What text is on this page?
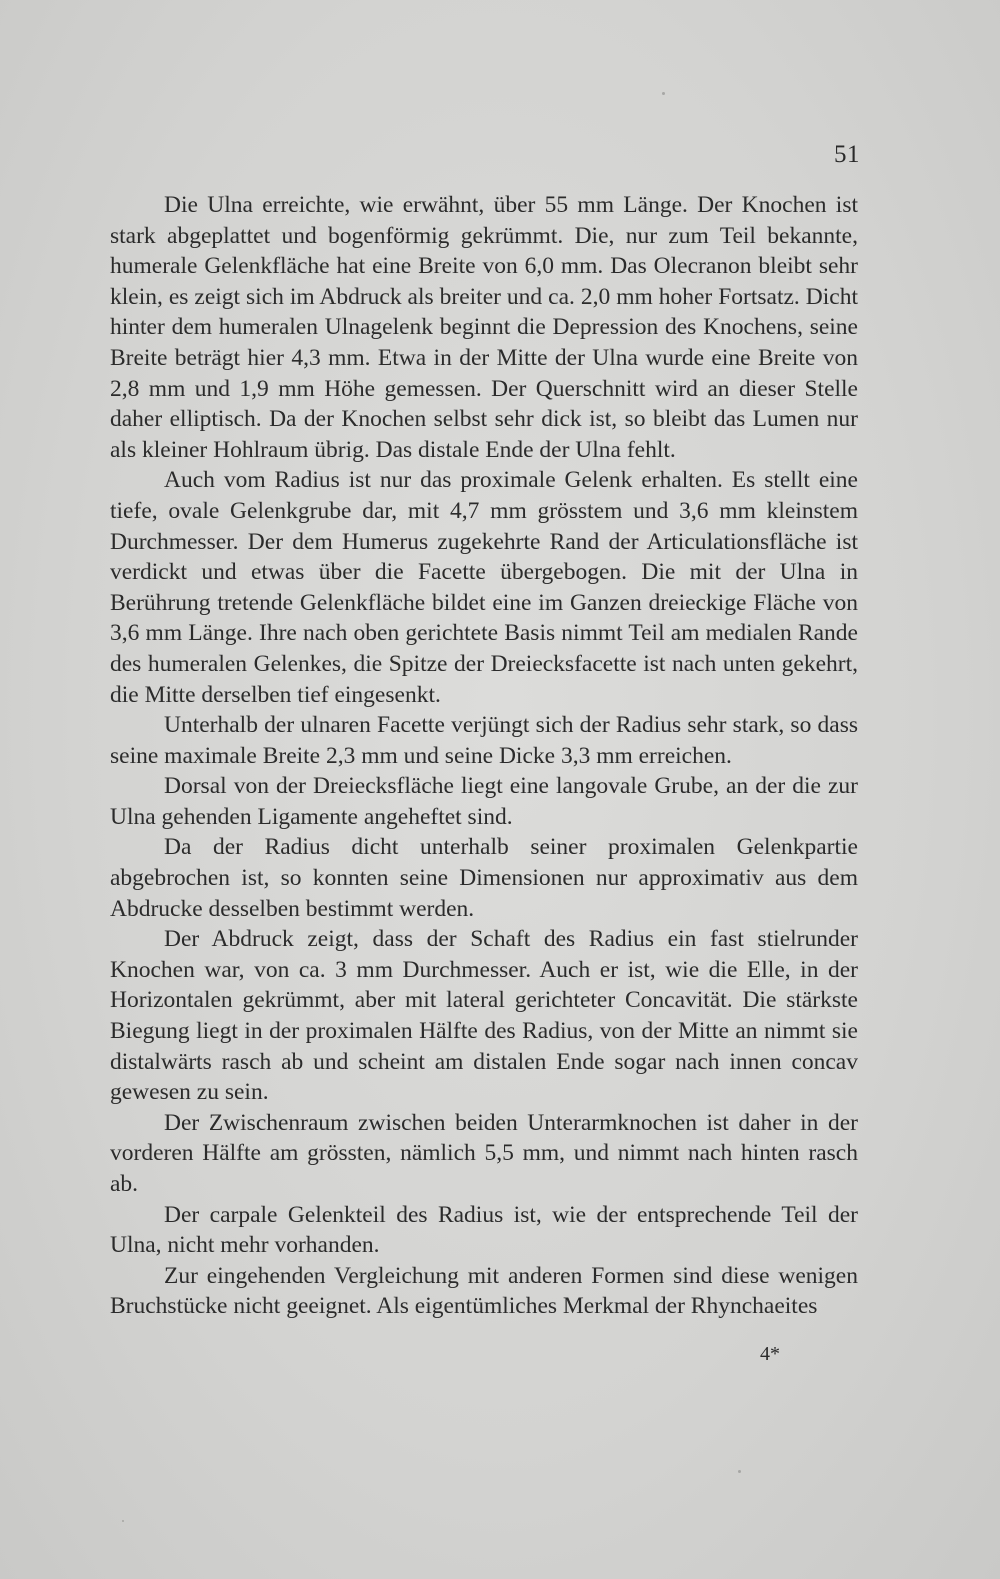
51

Die Ulna erreichte, wie erwähnt, über 55 mm Länge. Der Knochen ist stark abgeplattet und bogenförmig gekrümmt. Die, nur zum Teil bekannte, humerale Gelenkfläche hat eine Breite von 6,0 mm. Das Olecranon bleibt sehr klein, es zeigt sich im Abdruck als breiter und ca. 2,0 mm hoher Fortsatz. Dicht hinter dem humeralen Ulnagelenk beginnt die Depression des Knochens, seine Breite beträgt hier 4,3 mm. Etwa in der Mitte der Ulna wurde eine Breite von 2,8 mm und 1,9 mm Höhe gemessen. Der Querschnitt wird an dieser Stelle daher elliptisch. Da der Knochen selbst sehr dick ist, so bleibt das Lumen nur als kleiner Hohlraum übrig. Das distale Ende der Ulna fehlt.

Auch vom Radius ist nur das proximale Gelenk erhalten. Es stellt eine tiefe, ovale Gelenkgrube dar, mit 4,7 mm grösstem und 3,6 mm kleinstem Durchmesser. Der dem Humerus zugekehrte Rand der Articulationsfläche ist verdickt und etwas über die Facette übergebogen. Die mit der Ulna in Berührung tretende Gelenkfläche bildet eine im Ganzen dreieckige Fläche von 3,6 mm Länge. Ihre nach oben gerichtete Basis nimmt Teil am medialen Rande des humeralen Gelenkes, die Spitze der Dreiecksfacette ist nach unten gekehrt, die Mitte derselben tief eingesenkt.

Unterhalb der ulnaren Facette verjüngt sich der Radius sehr stark, so dass seine maximale Breite 2,3 mm und seine Dicke 3,3 mm erreichen.

Dorsal von der Dreiecksfläche liegt eine langovale Grube, an der die zur Ulna gehenden Ligamente angeheftet sind.

Da der Radius dicht unterhalb seiner proximalen Gelenkpartie abgebrochen ist, so konnten seine Dimensionen nur approximativ aus dem Abdrucke desselben bestimmt werden.

Der Abdruck zeigt, dass der Schaft des Radius ein fast stielrunder Knochen war, von ca. 3 mm Durchmesser. Auch er ist, wie die Elle, in der Horizontalen gekrümmt, aber mit lateral gerichteter Concavität. Die stärkste Biegung liegt in der proximalen Hälfte des Radius, von der Mitte an nimmt sie distalwärts rasch ab und scheint am distalen Ende sogar nach innen concav gewesen zu sein.

Der Zwischenraum zwischen beiden Unterarmknochen ist daher in der vorderen Hälfte am grössten, nämlich 5,5 mm, und nimmt nach hinten rasch ab.

Der carpale Gelenkteil des Radius ist, wie der entsprechende Teil der Ulna, nicht mehr vorhanden.

Zur eingehenden Vergleichung mit anderen Formen sind diese wenigen Bruchstücke nicht geeignet. Als eigentümliches Merkmal der Rhynchaeites

4*
